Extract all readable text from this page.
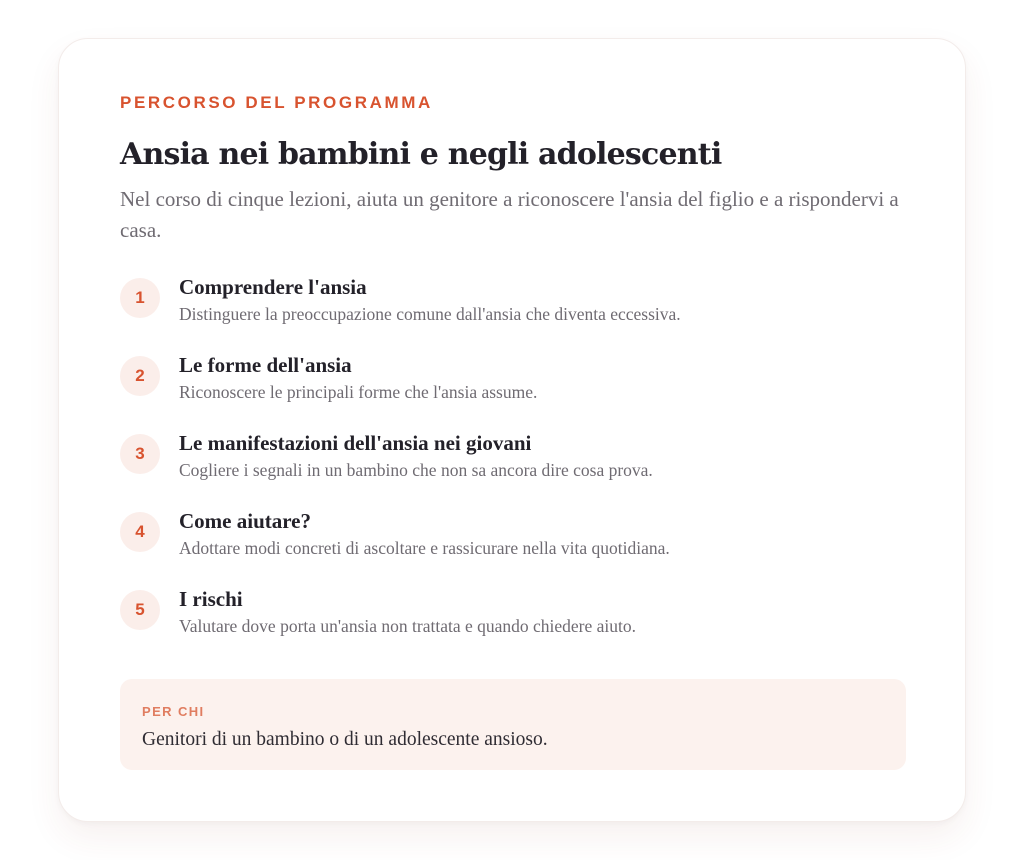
PERCORSO DEL PROGRAMMA

Ansia nei bambini e negli adolescenti

Nel corso di cinque lezioni, aiuta un genitore a riconoscere l'ansia del figlio e a rispondervi a casa.

1	Comprendere l'ansia

Distinguere la preoccupazione comune dall'ansia che diventa eccessiva.

2	Le forme dell'ansia

Riconoscere le principali forme che l'ansia assume.

3	Le manifestazioni dell'ansia nei giovani

Cogliere i segnali in un bambino che non sa ancora dire cosa prova.

4	Come aiutare?

Adottare modi concreti di ascoltare e rassicurare nella vita quotidiana.

5	I rischi

Valutare dove porta un'ansia non trattata e quando chiedere aiuto.

PER CHI

Genitori di un bambino o di un adolescente ansioso.
